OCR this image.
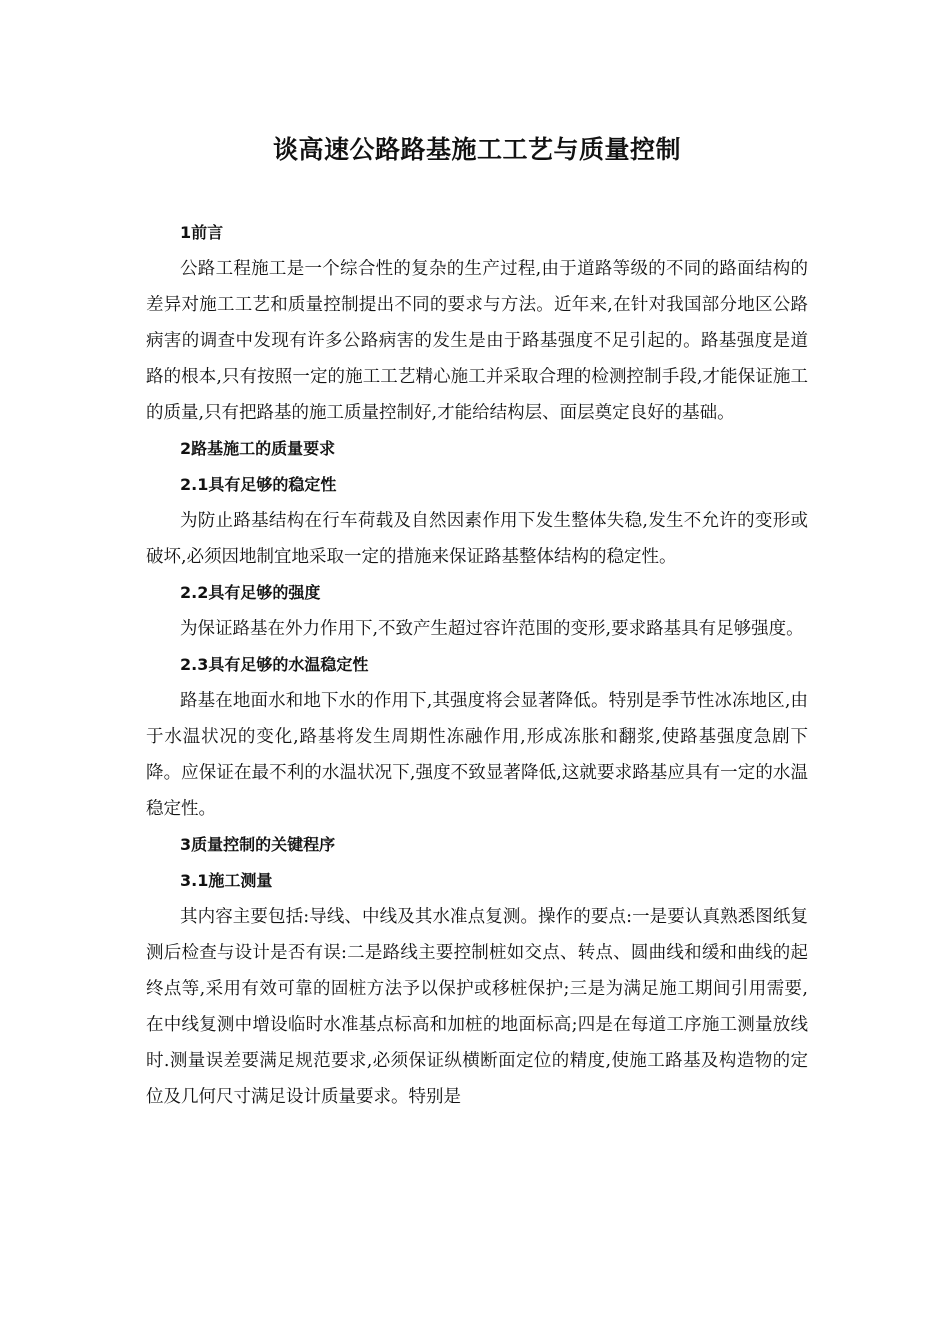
谈高速公路路基施工工艺与质量控制

1前言

公路工程施工是一个综合性的复杂的生产过程,由于道路等级的不同的路面结构的差异对施工工艺和质量控制提出不同的要求与方法。近年来,在针对我国部分地区公路病害的调查中发现有许多公路病害的发生是由于路基强度不足引起的。路基强度是道路的根本,只有按照一定的施工工艺精心施工并采取合理的检测控制手段,才能保证施工的质量,只有把路基的施工质量控制好,才能给结构层、面层奠定良好的基础。

2路基施工的质量要求

2.1具有足够的稳定性

为防止路基结构在行车荷载及自然因素作用下发生整体失稳,发生不允许的变形或破坏,必须因地制宜地采取一定的措施来保证路基整体结构的稳定性。

2.2具有足够的强度

为保证路基在外力作用下,不致产生超过容许范围的变形,要求路基具有足够强度。

2.3具有足够的水温稳定性

路基在地面水和地下水的作用下,其强度将会显著降低。特别是季节性冰冻地区,由于水温状况的变化,路基将发生周期性冻融作用,形成冻胀和翻浆,使路基强度急剧下降。应保证在最不利的水温状况下,强度不致显著降低,这就要求路基应具有一定的水温稳定性。

3质量控制的关键程序

3.1施工测量

其内容主要包括:导线、中线及其水准点复测。操作的要点:一是要认真熟悉图纸复测后检查与设计是否有误:二是路线主要控制桩如交点、转点、圆曲线和缓和曲线的起终点等,采用有效可靠的固桩方法予以保护或移桩保护;三是为满足施工期间引用需要,在中线复测中增设临时水准基点标高和加桩的地面标高;四是在每道工序施工测量放线时.测量误差要满足规范要求,必须保证纵横断面定位的精度,使施工路基及构造物的定位及几何尺寸满足设计质量要求。特别是
